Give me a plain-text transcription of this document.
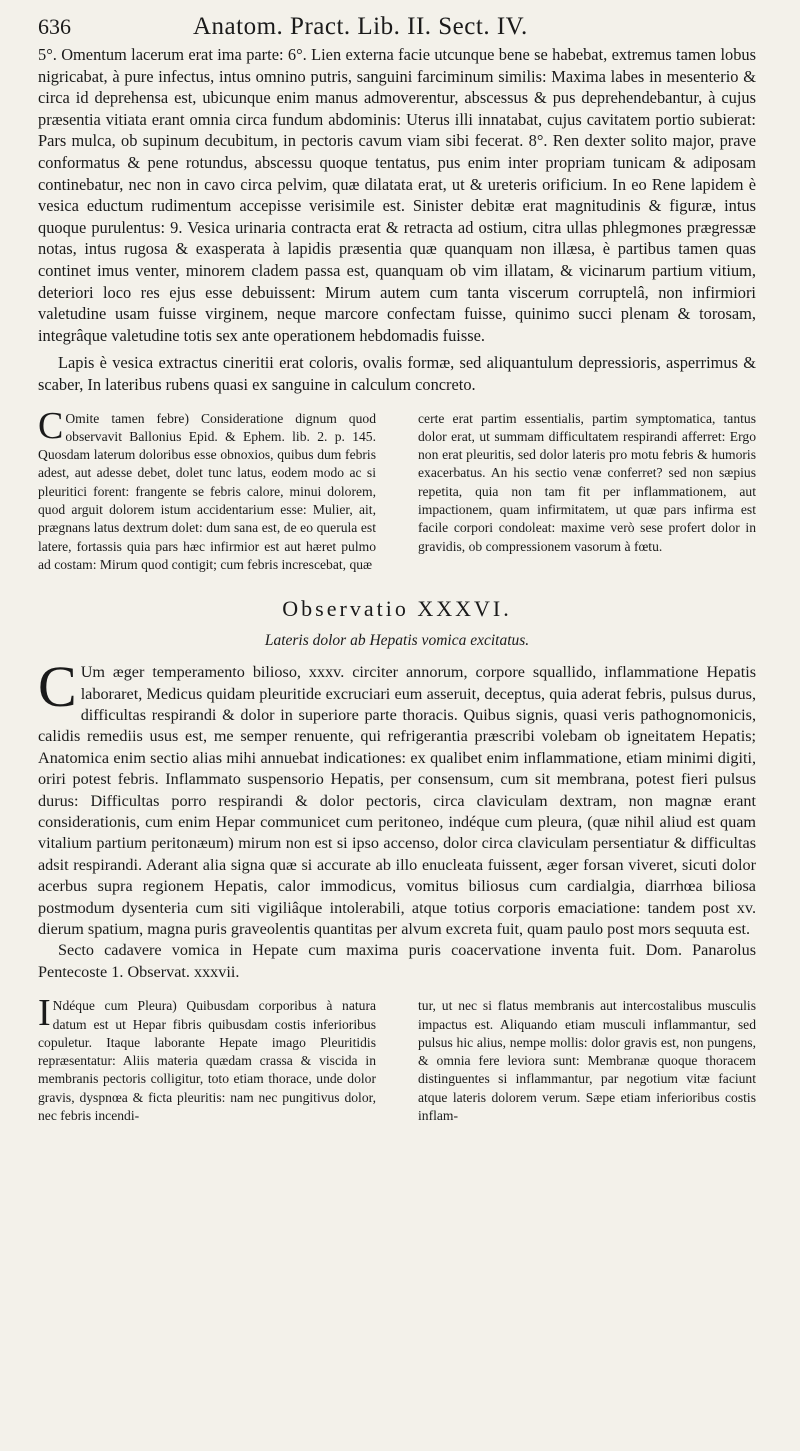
636	Anatom. Pract. Lib. II. Sect. IV.

5°. Omentum lacerum erat ima parte: 6°. Lien externa facie utcunque bene se habebat, extremus tamen lobus nigricabat, à pure infectus, intus omnino putris, sanguini farciminum similis: Maxima labes in mesenterio & circa id deprehensa est, ubicunque enim manus admoverentur, abscessus & pus deprehendebantur, à cujus præsentia vitiata erant omnia circa fundum abdominis: Uterus illi innatabat, cujus cavitatem portio subierat: Pars mulca, ob supinum decubitum, in pectoris cavum viam sibi fecerat. 8°. Ren dexter solito major, prave conformatus & pene rotundus, abscessu quoque tentatus, pus enim inter propriam tunicam & adiposam continebatur, nec non in cavo circa pelvim, quæ dilatata erat, ut & ureteris orificium. In eo Rene lapidem è vesica eductum rudimentum accepisse verisimile est. Sinister debitæ erat magnitudinis & figuræ, intus quoque purulentus: 9. Vesica urinaria contracta erat & retracta ad ostium, citra ullas phlegmones prægressæ notas, intus rugosa & exasperata à lapidis præsentia quæ quanquam non illæsa, è partibus tamen quas continet imus venter, minorem cladem passa est, quanquam ob vim illatam, & vicinarum partium vitium, deteriori loco res ejus esse debuissent: Mirum autem cum tanta viscerum corruptelâ, non infirmiori valetudine usam fuisse virginem, neque marcore confectam fuisse, quinimo succi plenam & torosam, integrâque valetudine totis sex ante operationem hebdomadis fuisse.

Lapis è vesica extractus cineritii erat coloris, ovalis formæ, sed aliquantulum depressioris, asperrimus & scaber, In lateribus rubens quasi ex sanguine in calculum concreto.

C Omite tamen febre) Consideratione dignum quod observavit Ballonius Epid. & Ephem. lib. 2. p. 145. Quosdam laterum doloribus esse obnoxios, quibus dum febris adest, aut adesse debet, dolet tunc latus, eodem modo ac si pleuritici forent: frangente se febris calore, minui dolorem, quod arguit dolorem istum accidentarium esse: Mulier, ait, prægnans latus dextrum dolet: dum sana est, de eo querula est latere, fortassis quia pars hæc infirmior est aut hæret pulmo ad costam: Mirum quod contigit; cum febris increscebat, quæ

certe erat partim essentialis, partim symptomatica, tantus dolor erat, ut summam difficultatem respirandi afferret: Ergo non erat pleuritis, sed dolor lateris pro motu febris & humoris exacerbatus. An his sectio venæ conferret? sed non sæpius repetita, quia non tam fit per inflammationem, aut impactionem, quam infirmitatem, ut quæ pars infirma est facile corpori condoleat: maxime verò sese profert dolor in gravidis, ob compressionem vasorum à fœtu.

Observatio XXXVI.
Lateris dolor ab Hepatis vomica excitatus.

C Um æger temperamento bilioso, xxxv. circiter annorum, corpore squallido, inflammatione Hepatis laboraret, Medicus quidam pleuritide excruciari eum asseruit, deceptus, quia aderat febris, pulsus durus, difficultas respirandi & dolor in superiore parte thoracis. Quibus signis, quasi veris pathognomonicis, calidis remediis usus est, me semper renuente, qui refrigerantia præscribi volebam ob igneitatem Hepatis; Anatomica enim sectio alias mihi annuebat indicationes: ex qualibet enim inflammatione, etiam minimi digiti, oriri potest febris. Inflammato suspensorio Hepatis, per consensum, cum sit membrana, potest fieri pulsus durus: Difficultas porro respirandi & dolor pectoris, circa claviculam dextram, non magnæ erant considerationis, cum enim Hepar communicet cum peritoneo, indéque cum pleura, (quæ nihil aliud est quam vitalium partium peritonæum) mirum non est si ipso accenso, dolor circa claviculam persentiatur & difficultas adsit respirandi. Aderant alia signa quæ si accurate ab illo enucleata fuissent, æger forsan viveret, sicuti dolor acerbus supra regionem Hepatis, calor immodicus, vomitus biliosus cum cardialgia, diarrhœa biliosa postmodum dysenteria cum siti vigiliâque intolerabili, atque totius corporis emaciatione: tandem post xv. dierum spatium, magna puris graveolentis quantitas per alvum excreta fuit, quam paulo post mors sequuta est.

Secto cadavere vomica in Hepate cum maxima puris coacervatione inventa fuit. Dom. Panarolus Pentecoste 1. Observat. xxxvii.

I Ndéque cum Pleura) Quibusdam corporibus à natura datum est ut Hepar fibris quibusdam costis inferioribus copuletur. Itaque laborante Hepate imago Pleuritidis repræsentatur: Aliis materia quædam crassa & viscida in membranis pectoris colligitur, toto etiam thorace, unde dolor gravis, dyspnœa & ficta pleuritis: nam nec pungitivus dolor, nec febris incendi-

tur, ut nec si flatus membranis aut intercostalibus musculis impactus est. Aliquando etiam musculi inflammantur, sed pulsus hic alius, nempe mollis: dolor gravis est, non pungens, & omnia fere leviora sunt: Membranæ quoque thoracem distinguentes si inflammantur, par negotium vitæ faciunt atque lateris dolorem verum. Sæpe etiam inferioribus costis inflam-
